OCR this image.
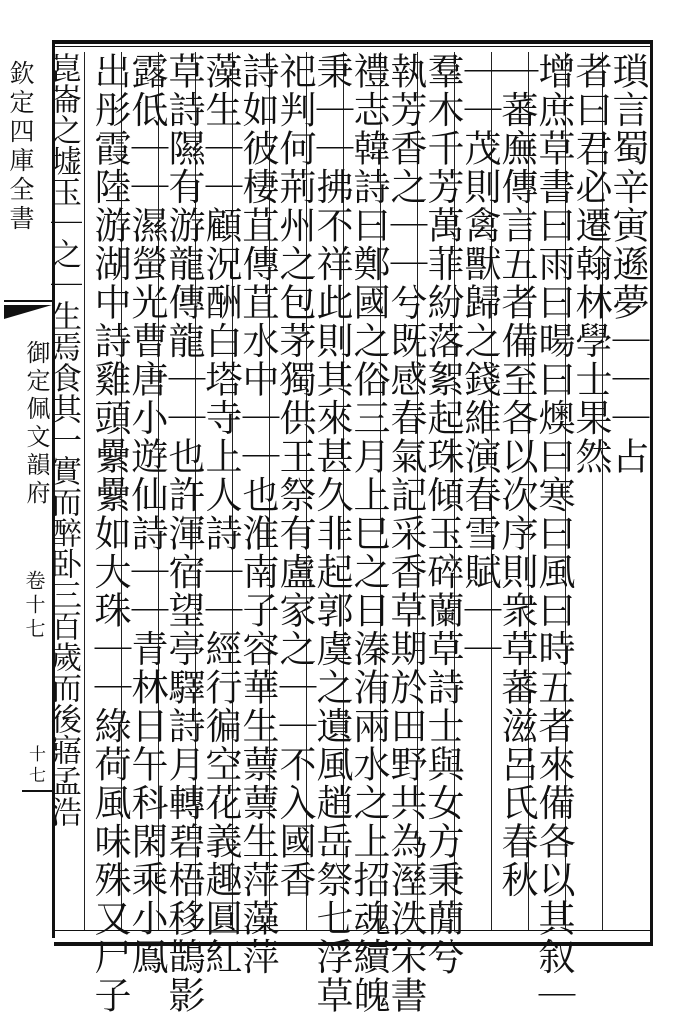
欽定四庫全書
御定佩文韻府
卷十七
十七
瑣言蜀辛寅遜夢｜｜｜占
者曰君必遷翰林學士果然
增庶草書曰雨曰暘曰燠曰寒曰風曰時五者來備各以其叙｜
｜蕃廡傳言五者備至各以次序則衆草蕃滋呂氏春秋
｜｜茂則禽獸歸之錢維演春雪賦｜｜
羣木千芳萬菲紛落絮起珠傾玉碎蘭草詩士與女方秉蕑兮
執芳香之｜｜兮既感春氣記采香草期於田野共為溼泆宋書
禮志韓詩曰鄭國之俗三月上巳之日溱洧兩水之上招魂續魄
秉｜｜拂不祥此則其來甚久非起郭虞之遺風趙岳祭七浮草
祀判何荊州之包茅獨供王祭有盧家之｜｜不入國香
詩如彼棲苴傳苴水中｜｜也淮南子容華生蔈蔈生萍藻萍
藻生｜｜顧況酬白塔寺上人詩｜｜經行徧空花義趣圓紅
草詩隰有游龍傳龍｜｜也許渾宿望亭驛詩月轉碧梧移鵲影
露低｜｜濕螢光曹唐小遊仙詩｜｜青林日午科閑乘小鳳
出彤霞陸游湖中詩雞頭纍纍如大珠｜｜綠荷風味殊又尸子
崑崙之墟玉｜之｜生焉食其一實而醉卧三百歲而後寤孟浩
